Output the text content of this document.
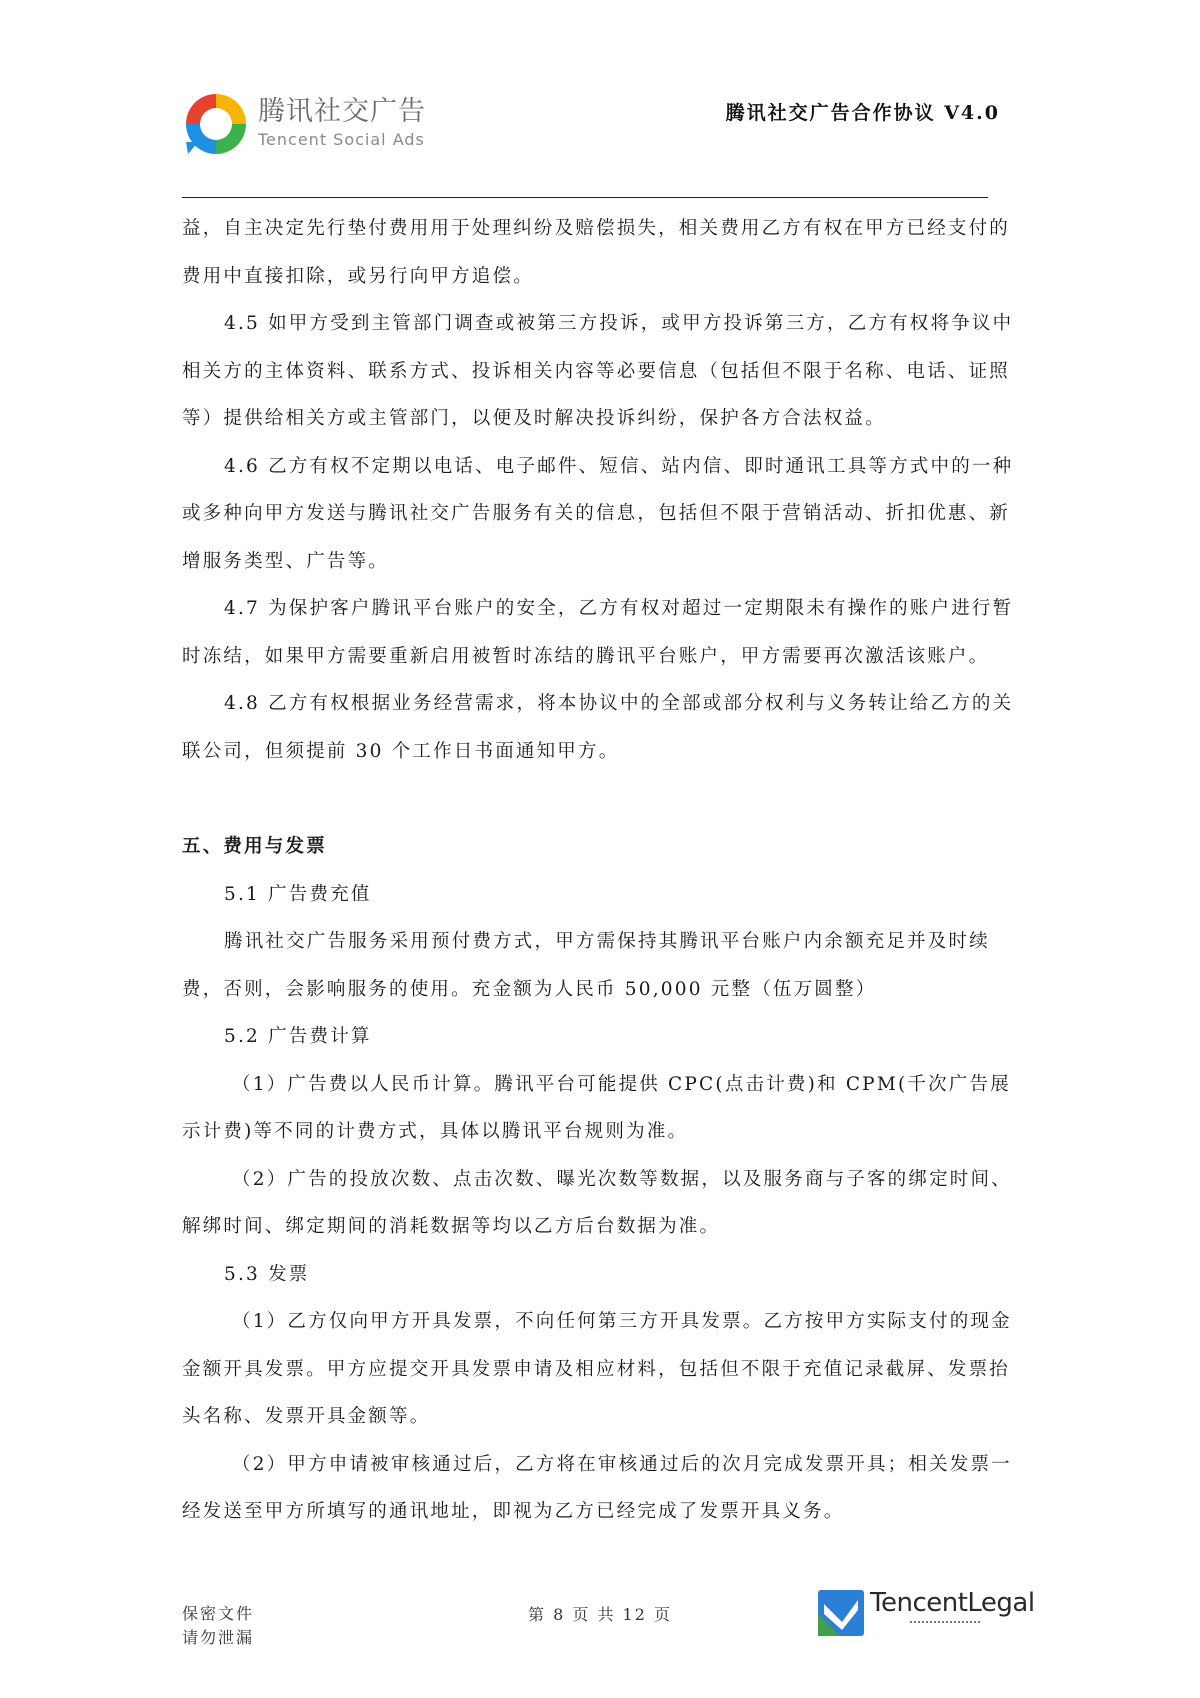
腾讯社交广告
Tencent Social Ads
腾讯社交广告合作协议 V4.0

益，自主决定先行垫付费用用于处理纠纷及赔偿损失，相关费用乙方有权在甲方已经支付的费用中直接扣除，或另行向甲方追偿。

4.5 如甲方受到主管部门调查或被第三方投诉，或甲方投诉第三方，乙方有权将争议中相关方的主体资料、联系方式、投诉相关内容等必要信息（包括但不限于名称、电话、证照等）提供给相关方或主管部门，以便及时解决投诉纠纷，保护各方合法权益。

4.6 乙方有权不定期以电话、电子邮件、短信、站内信、即时通讯工具等方式中的一种或多种向甲方发送与腾讯社交广告服务有关的信息，包括但不限于营销活动、折扣优惠、新增服务类型、广告等。

4.7 为保护客户腾讯平台账户的安全，乙方有权对超过一定期限未有操作的账户进行暂时冻结，如果甲方需要重新启用被暂时冻结的腾讯平台账户，甲方需要再次激活该账户。

4.8 乙方有权根据业务经营需求，将本协议中的全部或部分权利与义务转让给乙方的关联公司，但须提前 30 个工作日书面通知甲方。

五、费用与发票

5.1 广告费充值

腾讯社交广告服务采用预付费方式，甲方需保持其腾讯平台账户内余额充足并及时续费，否则，会影响服务的使用。充金额为人民币 50,000 元整（伍万圆整）

5.2 广告费计算

（1）广告费以人民币计算。腾讯平台可能提供 CPC(点击计费)和 CPM(千次广告展示计费)等不同的计费方式，具体以腾讯平台规则为准。

（2）广告的投放次数、点击次数、曝光次数等数据，以及服务商与子客的绑定时间、解绑时间、绑定期间的消耗数据等均以乙方后台数据为准。

5.3 发票

（1）乙方仅向甲方开具发票，不向任何第三方开具发票。乙方按甲方实际支付的现金金额开具发票。甲方应提交开具发票申请及相应材料，包括但不限于充值记录截屏、发票抬头名称、发票开具金额等。

（2）甲方申请被审核通过后，乙方将在审核通过后的次月完成发票开具；相关发票一经发送至甲方所填写的通讯地址，即视为乙方已经完成了发票开具义务。

保密文件
请勿泄漏
第 8 页 共 12 页	TencentLegal
